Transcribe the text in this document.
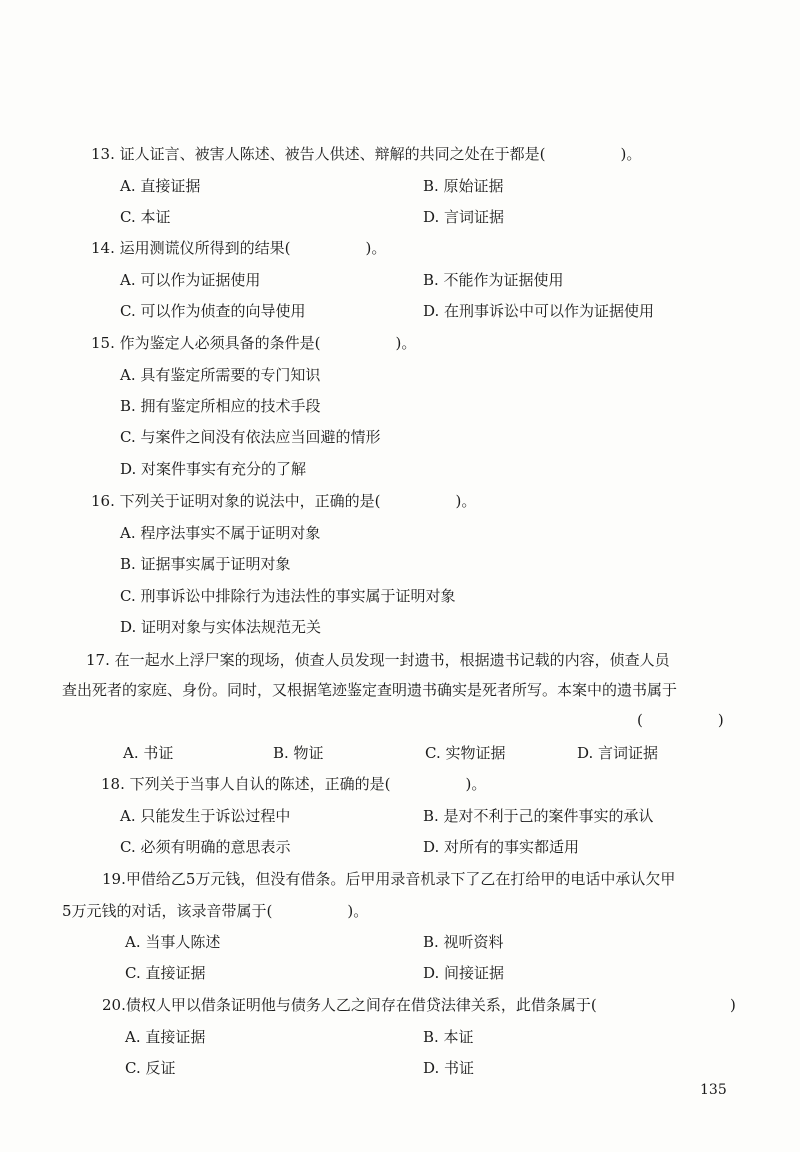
13. 证人证言、被害人陈述、被告人供述、辩解的共同之处在于都是(　　　　　)。
A. 直接证据	B. 原始证据
C. 本证	D. 言词证据
14. 运用测谎仪所得到的结果(　　　　　)。
A. 可以作为证据使用	B. 不能作为证据使用
C. 可以作为侦查的向导使用	D. 在刑事诉讼中可以作为证据使用
15. 作为鉴定人必须具备的条件是(　　　　　)。
A. 具有鉴定所需要的专门知识
B. 拥有鉴定所相应的技术手段
C. 与案件之间没有依法应当回避的情形
D. 对案件事实有充分的了解
16. 下列关于证明对象的说法中，正确的是(　　　　　)。
A. 程序法事实不属于证明对象
B. 证据事实属于证明对象
C. 刑事诉讼中排除行为违法性的事实属于证明对象
D. 证明对象与实体法规范无关
17. 在一起水上浮尸案的现场，侦查人员发现一封遗书，根据遗书记载的内容，侦查人员
查出死者的家庭、身份。同时，又根据笔迹鉴定查明遗书确实是死者所写。本案中的遗书属于
(　　　　　)
A. 书证	B. 物证	C. 实物证据	D. 言词证据
18. 下列关于当事人自认的陈述，正确的是(　　　　　)。
A. 只能发生于诉讼过程中	B. 是对不利于己的案件事实的承认
C. 必须有明确的意思表示	D. 对所有的事实都适用
19.甲借给乙5万元钱，但没有借条。后甲用录音机录下了乙在打给甲的电话中承认欠甲
5万元钱的对话，该录音带属于(　　　　　)。
A. 当事人陈述	B. 视听资料
C. 直接证据	D. 间接证据
20.债权人甲以借条证明他与债务人乙之间存在借贷法律关系，此借条属于(	)
A. 直接证据	B. 本证
C. 反证	D. 书证
135
